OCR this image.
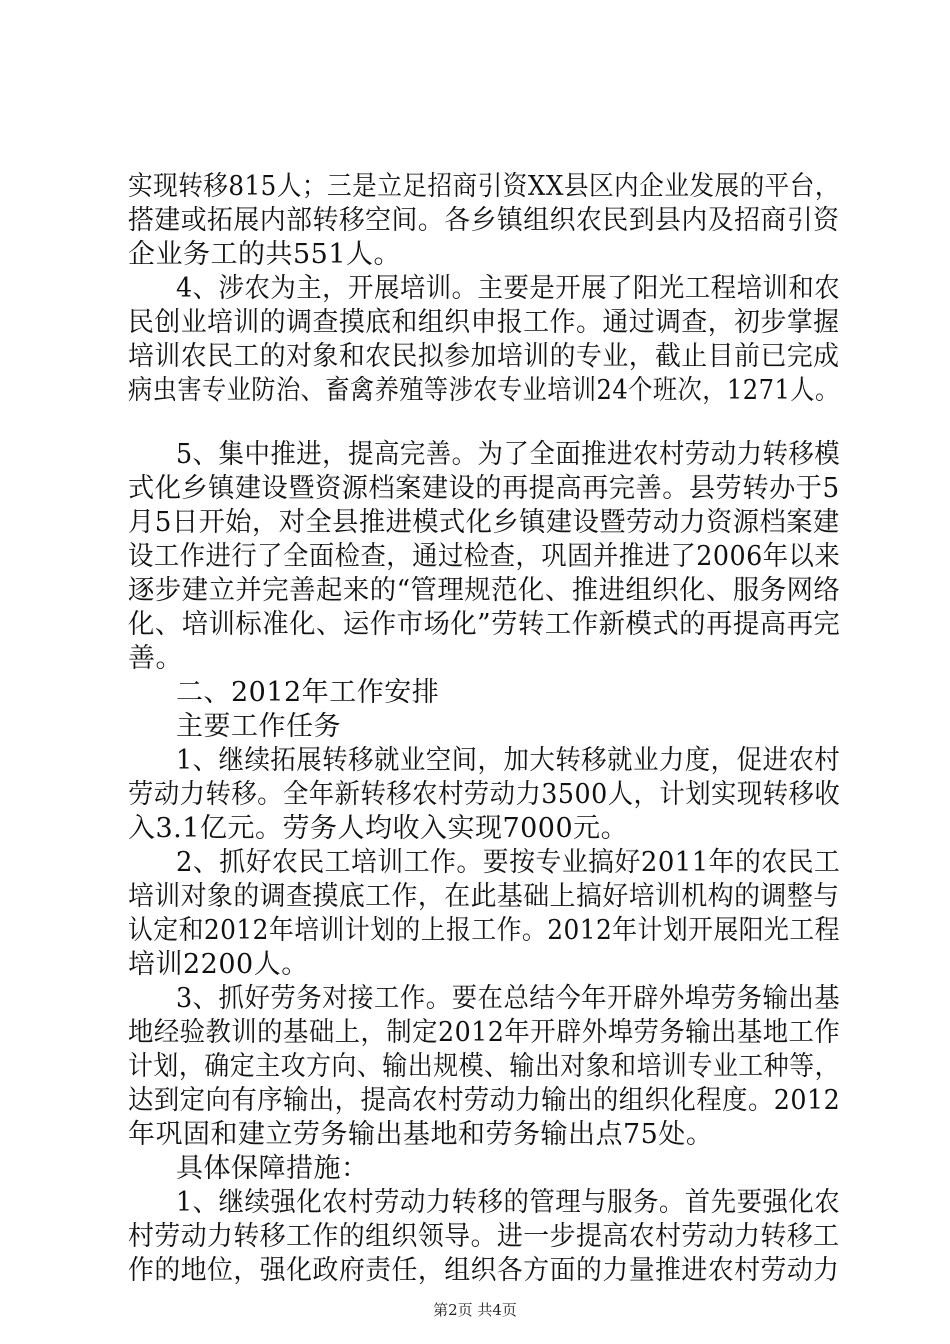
实现转移815人；三是立足招商引资XX县区内企业发展的平台，
搭建或拓展内部转移空间。各乡镇组织农民到县内及招商引资
企业务工的共551人。
4、涉农为主，开展培训。主要是开展了阳光工程培训和农
民创业培训的调查摸底和组织申报工作。通过调查，初步掌握
培训农民工的对象和农民拟参加培训的专业，截止目前已完成
病虫害专业防治、畜禽养殖等涉农专业培训24个班次，1271人。
5、集中推进，提高完善。为了全面推进农村劳动力转移模
式化乡镇建设暨资源档案建设的再提高再完善。县劳转办于5
月5日开始，对全县推进模式化乡镇建设暨劳动力资源档案建
设工作进行了全面检查，通过检查，巩固并推进了2006年以来
逐步建立并完善起来的“管理规范化、推进组织化、服务网络
化、培训标准化、运作市场化”劳转工作新模式的再提高再完
善。
二、2012年工作安排
主要工作任务
1、继续拓展转移就业空间，加大转移就业力度，促进农村
劳动力转移。全年新转移农村劳动力3500人，计划实现转移收
入3.1亿元。劳务人均收入实现7000元。
2、抓好农民工培训工作。要按专业搞好2011年的农民工
培训对象的调查摸底工作，在此基础上搞好培训机构的调整与
认定和2012年培训计划的上报工作。2012年计划开展阳光工程
培训2200人。
3、抓好劳务对接工作。要在总结今年开辟外埠劳务输出基
地经验教训的基础上，制定2012年开辟外埠劳务输出基地工作
计划，确定主攻方向、输出规模、输出对象和培训专业工种等，
达到定向有序输出，提高农村劳动力输出的组织化程度。2012
年巩固和建立劳务输出基地和劳务输出点75处。
具体保障措施：
1、继续强化农村劳动力转移的管理与服务。首先要强化农
村劳动力转移工作的组织领导。进一步提高农村劳动力转移工
作的地位，强化政府责任，组织各方面的力量推进农村劳动力
第2页 共4页
